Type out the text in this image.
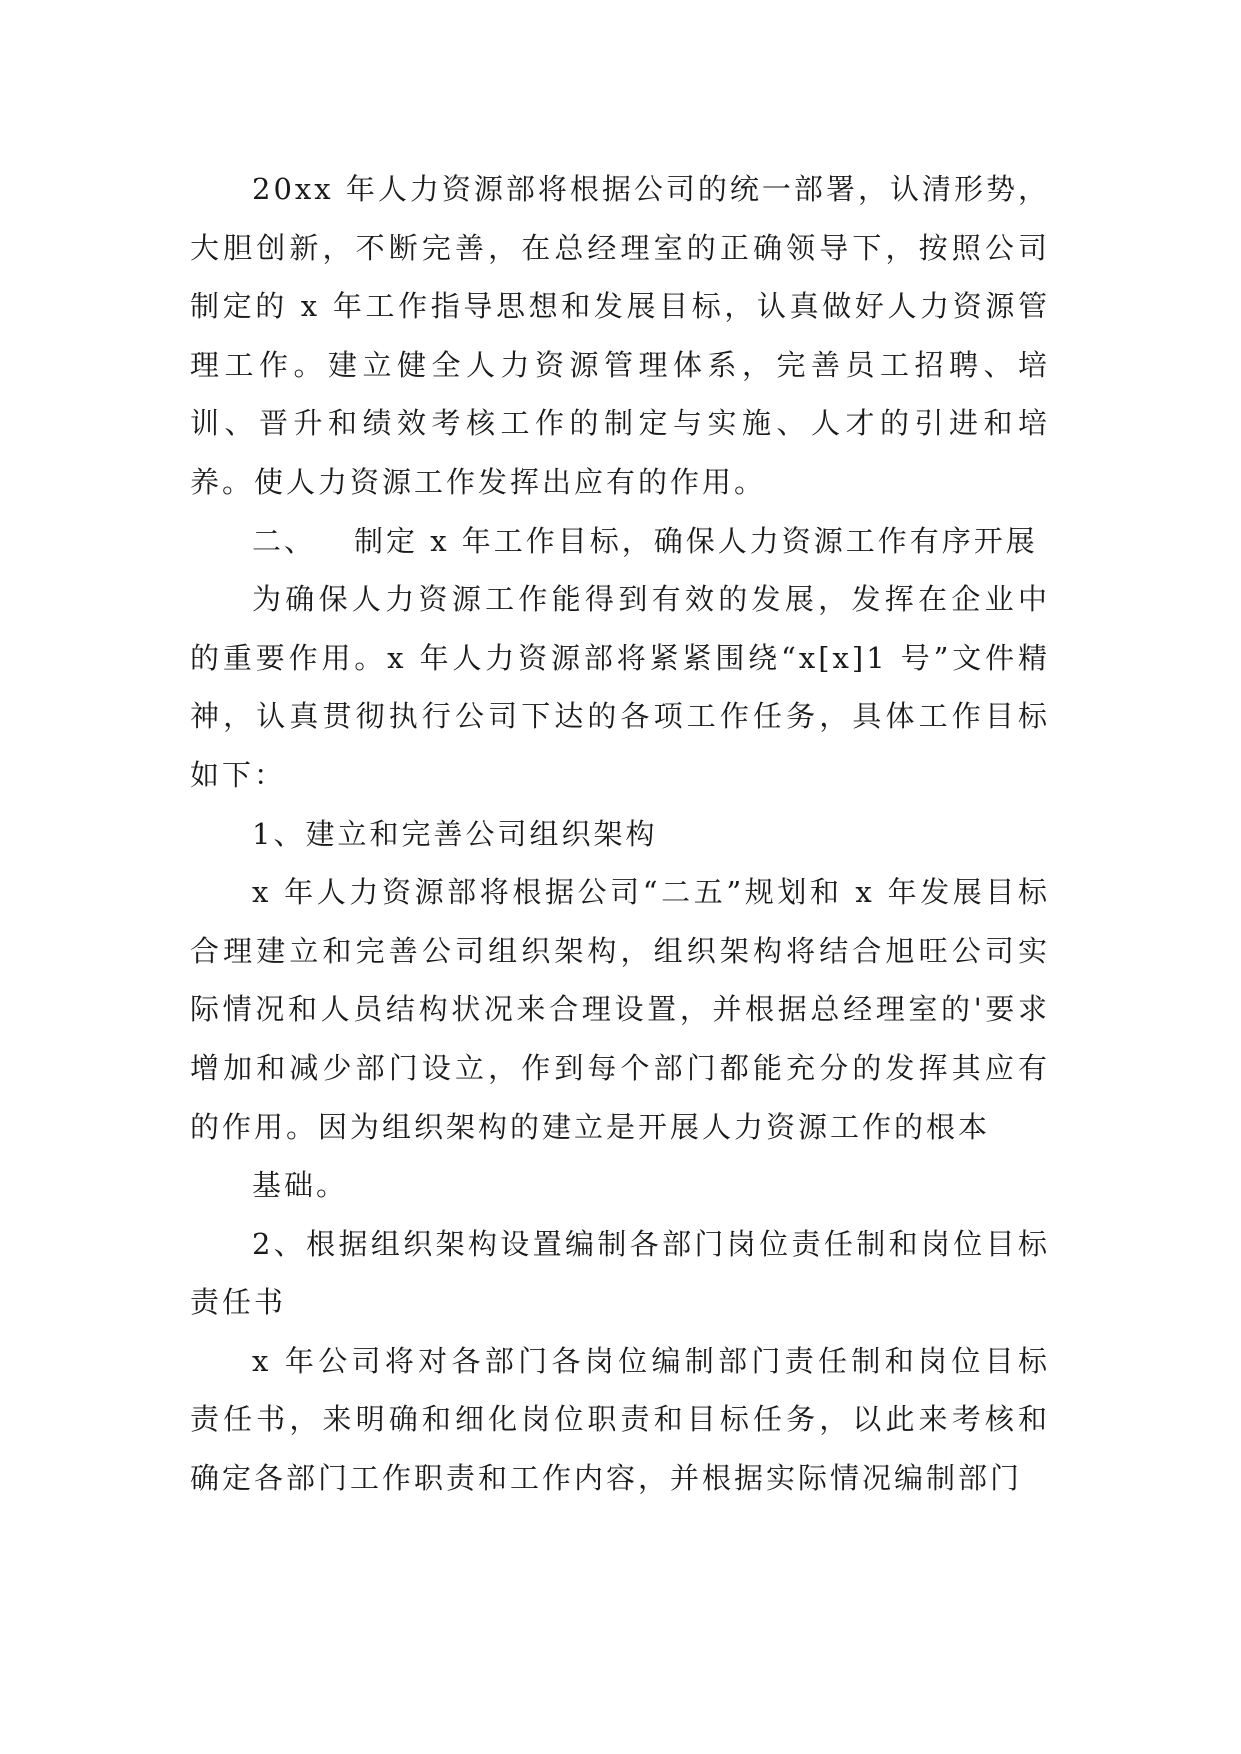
20xx 年人力资源部将根据公司的统一部署，认清形势，大胆创新，不断完善，在总经理室的正确领导下，按照公司制定的 x 年工作指导思想和发展目标，认真做好人力资源管理工作。建立健全人力资源管理体系，完善员工招聘、培训、晋升和绩效考核工作的制定与实施、人才的引进和培养。使人力资源工作发挥出应有的作用。

二、 制定 x 年工作目标，确保人力资源工作有序开展

为确保人力资源工作能得到有效的发展，发挥在企业中的重要作用。x 年人力资源部将紧紧围绕“x[x]1 号”文件精神，认真贯彻执行公司下达的各项工作任务，具体工作目标如下：

1、建立和完善公司组织架构

x 年人力资源部将根据公司“二五”规划和 x 年发展目标合理建立和完善公司组织架构，组织架构将结合旭旺公司实际情况和人员结构状况来合理设置，并根据总经理室的'要求增加和减少部门设立，作到每个部门都能充分的发挥其应有的作用。因为组织架构的建立是开展人力资源工作的根本

基础。

2、根据组织架构设置编制各部门岗位责任制和岗位目标责任书

x 年公司将对各部门各岗位编制部门责任制和岗位目标责任书，来明确和细化岗位职责和目标任务，以此来考核和确定各部门工作职责和工作内容，并根据实际情况编制部门
